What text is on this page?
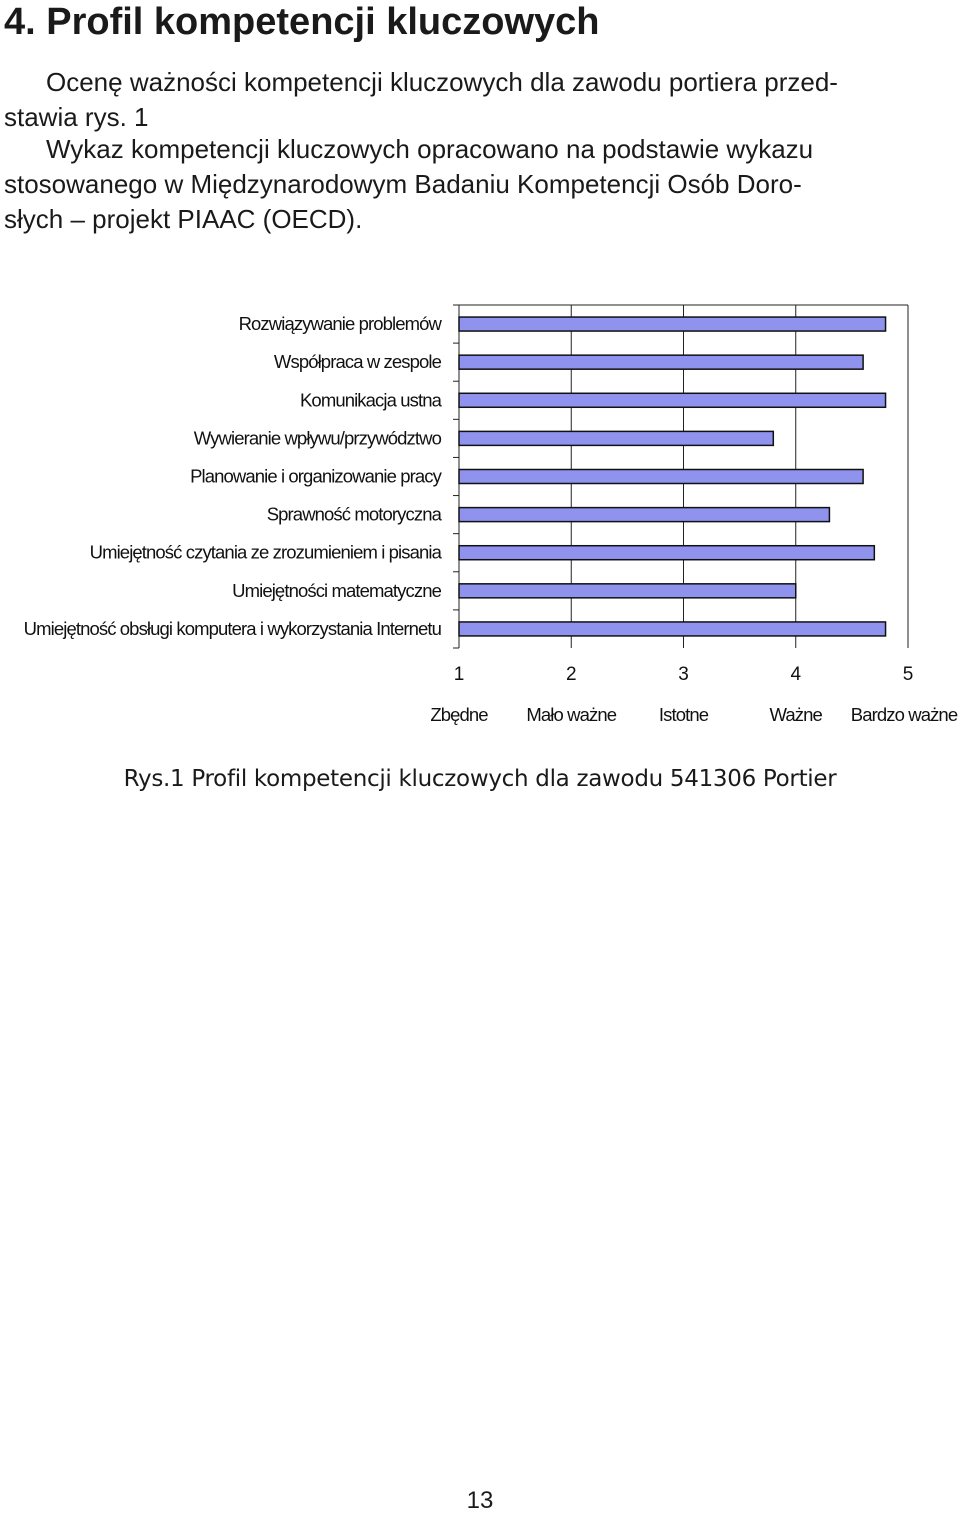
4. Profil kompetencji kluczowych
Ocenę ważności kompetencji kluczowych dla zawodu portiera przed-
stawia rys. 1
Wykaz kompetencji kluczowych opracowano na podstawie wykazu
stosowanego w Międzynarodowym Badaniu Kompetencji Osób Doro-
słych – projekt PIAAC (OECD).
Rozwiązywanie problemów
Współpraca w zespole
Komunikacja ustna
Wywieranie wpływu/przywództwo
Planowanie i organizowanie pracy
Sprawność motoryczna
Umiejętność czytania ze zrozumieniem i pisania
Umiejętności matematyczne
Umiejętność obsługi komputera i wykorzystania Internetu
1	2	3	4	5
Zbędne Mało ważne Istotne	Ważne Bardzo ważne
Rys.1 Profil kompetencji kluczowych dla zawodu 541306 Portier
13
